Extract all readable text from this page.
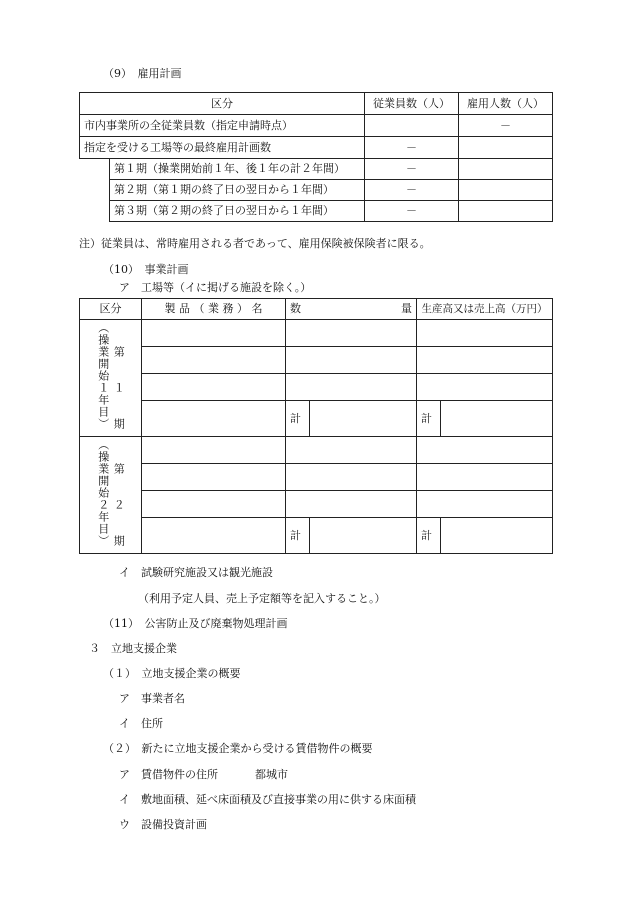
（9）　雇用計画
区分		従業員数（人）	雇用人数（人）
市内事業所の全従業員数（指定申請時点）			－
指定を受ける工場等の最終雇用計画数		－	
	第１期（操業開始前１年、後１年の計２年間）	－	
	第２期（第１期の終了日の翌日から１年間）	－	
	第３期（第２期の終了日の翌日から１年間）	－	
注）従業員は、常時雇用される者であって、雇用保険被保険者に限る。
（10）　事業計画
ア　工場等（イに掲げる施設を除く。）
区分	製 品 （ 業 務 ） 名	数 量		生産高又は売上高（万円）	
（操業開始１年目） 第　　１　　期					

		計		計	
（操業開始２年目） 第　　２　　期					

		計		計	
イ　試験研究施設又は観光施設
（利用予定人員、売上予定額等を記入すること。）
（11）　公害防止及び廃棄物処理計画
３　立地支援企業
（１）　立地支援企業の概要
ア　事業者名
イ　住所
（２）　新たに立地支援企業から受ける賃借物件の概要
ア　賃借物件の住所	都城市
イ　敷地面積、延べ床面積及び直接事業の用に供する床面積
ウ　設備投資計画
